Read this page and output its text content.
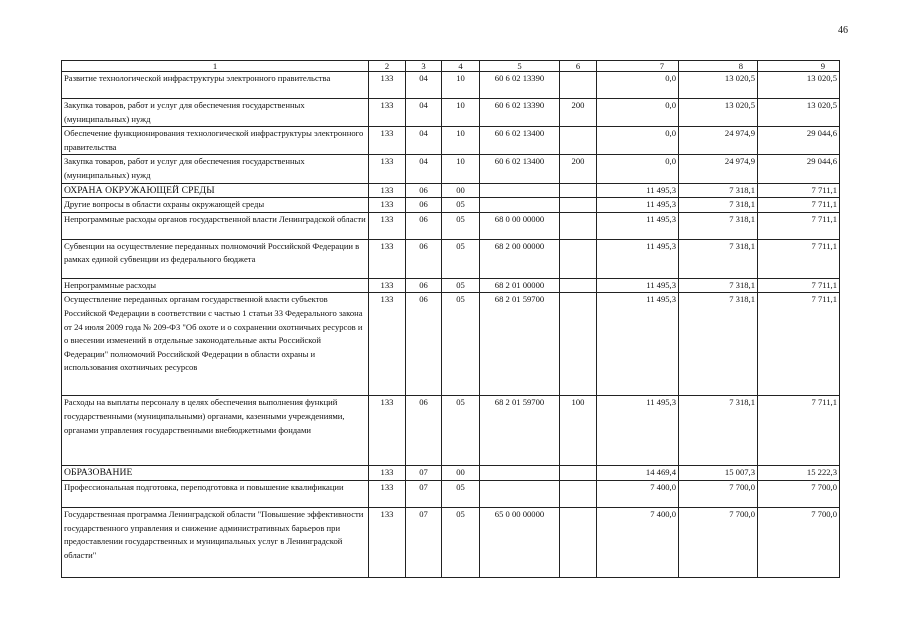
46
1	2	3	4	5	6	7	8	9
Развитие технологической инфраструктуры электронного правительства	133	04	10	60 6 02 13390		0,0	13 020,5	13 020,5
Закупка товаров, работ и услуг для обеспечения государственных (муниципальных) нужд	133	04	10	60 6 02 13390	200	0,0	13 020,5	13 020,5
Обеспечение функционирования технологической инфраструктуры электронного правительства	133	04	10	60 6 02 13400		0,0	24 974,9	29 044,6
Закупка товаров, работ и услуг для обеспечения государственных (муниципальных) нужд	133	04	10	60 6 02 13400	200	0,0	24 974,9	29 044,6
ОХРАНА ОКРУЖАЮЩЕЙ СРЕДЫ	133	06	00			11 495,3	7 318,1	7 711,1
Другие вопросы в области охраны окружающей среды	133	06	05			11 495,3	7 318,1	7 711,1
Непрограммные расходы органов государственной власти Ленинградской области	133	06	05	68 0 00 00000		11 495,3	7 318,1	7 711,1
Субвенции на осуществление переданных полномочий Российской Федерации в рамках единой субвенции из федерального бюджета	133	06	05	68 2 00 00000		11 495,3	7 318,1	7 711,1
Непрограммные расходы	133	06	05	68 2 01 00000		11 495,3	7 318,1	7 711,1
Осуществление переданных органам государственной власти субъектов Российской Федерации в соответствии с частью 1 статьи 33 Федерального закона от 24 июля 2009 года № 209-ФЗ "Об охоте и о сохранении охотничьих ресурсов и о внесении изменений в отдельные законодательные акты Российской Федерации" полномочий Российской Федерации в области охраны и использования охотничьих ресурсов	133	06	05	68 2 01 59700		11 495,3	7 318,1	7 711,1
Расходы на выплаты персоналу в целях обеспечения выполнения функций государственными (муниципальными) органами, казенными учреждениями, органами управления государственными внебюджетными фондами	133	06	05	68 2 01 59700	100	11 495,3	7 318,1	7 711,1
ОБРАЗОВАНИЕ	133	07	00			14 469,4	15 007,3	15 222,3
Профессиональная подготовка, переподготовка и повышение квалификации	133	07	05			7 400,0	7 700,0	7 700,0
Государственная программа Ленинградской области "Повышение эффективности государственного управления и снижение административных барьеров при предоставлении государственных и муниципальных услуг в Ленинградской области"	133	07	05	65 0 00 00000		7 400,0	7 700,0	7 700,0
